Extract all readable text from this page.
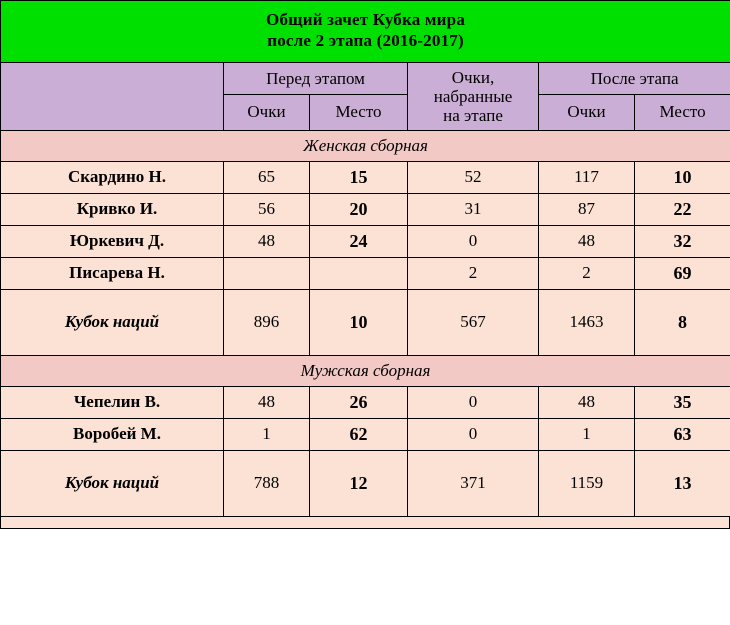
Общий зачет Кубка мира
после 2 этапа (2016-2017)					

	Перед этапом		Очки,
набранные
на этапе	После этапа	
	Очки	Место		Очки	Место
Женская сборная					
Скардино Н.	65	15	52	117	10
Кривко И.	56	20	31	87	22
Юркевич Д.	48	24	0	48	32
Писарева Н.			2	2	69
Кубок наций	896	10	567	1463	8
Мужская сборная					
Чепелин В.	48	26	0	48	35
Воробей М.	1	62	0	1	63
Кубок наций	788	12	371	1159	13
